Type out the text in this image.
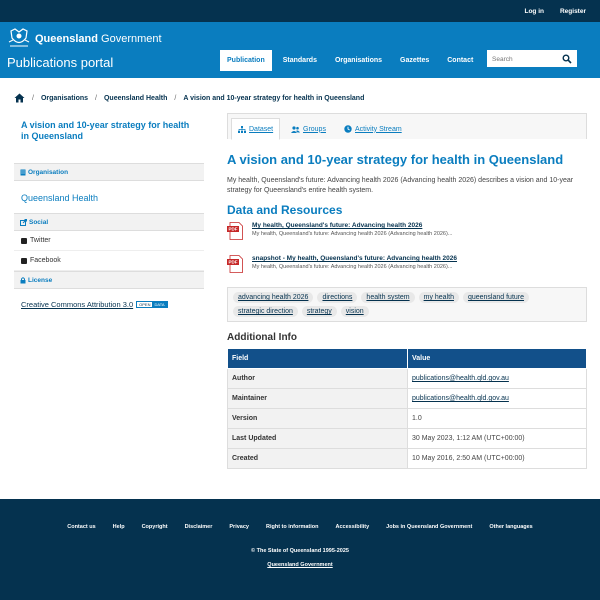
Log in Register
Queensland Government
Publications portal	Publication	Standards	Organisations	Gazettes	Contact
Search
/ Organisations / Queensland Health / A vision and 10-year strategy for health in Queensland
A vision and 10-year strategy for health in Queensland
Organisation
Queensland Health
Social
Twitter
Facebook
License
Creative Commons Attribution 3.0	OPEN	DATA
Dataset	Groups	Activity Stream
A vision and 10-year strategy for health in Queensland
My health, Queensland's future: Advancing health 2026 (Advancing health 2026) describes a vision and 10-year strategy for Queensland's entire health system.
Data and Resources
PDF
My health, Queensland's future: Advancing health 2026
My health, Queensland's future: Advancing health 2026 (Advancing health 2026)...
PDF
snapshot - My health, Queensland's future: Advancing health 2026
My health, Queensland's future: Advancing health 2026 (Advancing health 2026)...
advancing health 2026	directions	health system	my health	queensland future
strategic direction	strategy	vision
Additional Info
Field	Value
Author	publications@health.qld.gov.au
Maintainer	publications@health.qld.gov.au
Version	1.0
Last Updated	30 May 2023, 1:12 AM (UTC+00:00)
Created	10 May 2016, 2:50 AM (UTC+00:00)
Contact us	Help	Copyright	Disclaimer	Privacy	Right to information	Accessibility	Jobs in Queensland Government	Other languages
© The State of Queensland 1995-2025
Queensland Government
